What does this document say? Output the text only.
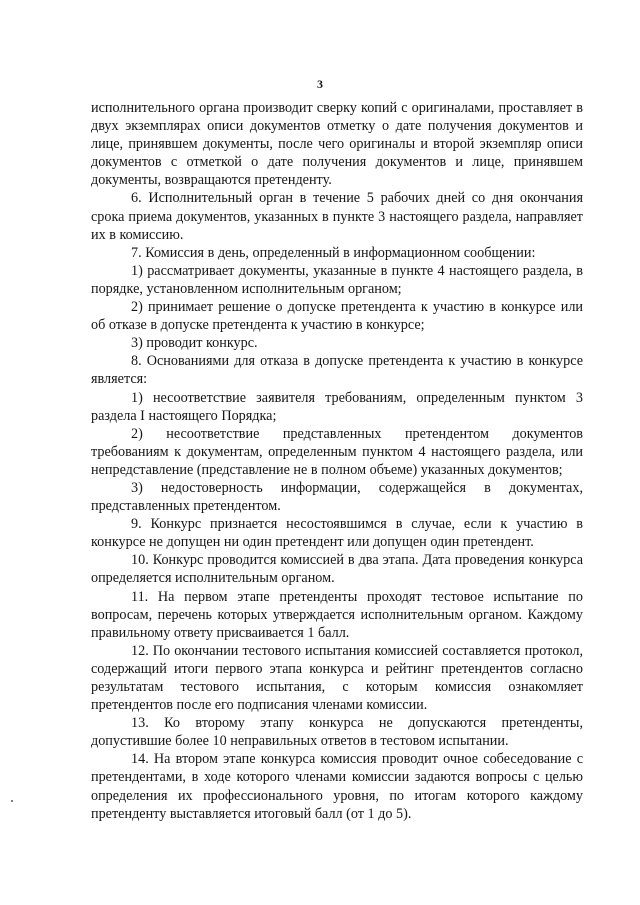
3

исполнительного органа производит сверку копий с оригиналами, проставляет в двух экземплярах описи документов отметку о дате получения документов и лице, принявшем документы, после чего оригиналы и второй экземпляр описи документов с отметкой о дате получения документов и лице, принявшем документы, возвращаются претенденту.

6. Исполнительный орган в течение 5 рабочих дней со дня окончания срока приема документов, указанных в пункте 3 настоящего раздела, направляет их в комиссию.

7. Комиссия в день, определенный в информационном сообщении:

1) рассматривает документы, указанные в пункте 4 настоящего раздела, в порядке, установленном исполнительным органом;

2) принимает решение о допуске претендента к участию в конкурсе или об отказе в допуске претендента к участию в конкурсе;

3) проводит конкурс.

8. Основаниями для отказа в допуске претендента к участию в конкурсе является:

1) несоответствие заявителя требованиям, определенным пунктом 3 раздела I настоящего Порядка;

2) несоответствие представленных претендентом документов требованиям к документам, определенным пунктом 4 настоящего раздела, или непредставление (представление не в полном объеме) указанных документов;

3) недостоверность информации, содержащейся в документах, представленных претендентом.

9. Конкурс признается несостоявшимся в случае, если к участию в конкурсе не допущен ни один претендент или допущен один претендент.

10. Конкурс проводится комиссией в два этапа. Дата проведения конкурса определяется исполнительным органом.

11. На первом этапе претенденты проходят тестовое испытание по вопросам, перечень которых утверждается исполнительным органом. Каждому правильному ответу присваивается 1 балл.

12. По окончании тестового испытания комиссией составляется протокол, содержащий итоги первого этапа конкурса и рейтинг претендентов согласно результатам тестового испытания, с которым комиссия ознакомляет претендентов после его подписания членами комиссии.

13. Ко второму этапу конкурса не допускаются претенденты, допустившие более 10 неправильных ответов в тестовом испытании.

14. На втором этапе конкурса комиссия проводит очное собеседование с претендентами, в ходе которого членами комиссии задаются вопросы с целью определения их профессионального уровня, по итогам которого каждому претенденту выставляется итоговый балл (от 1 до 5).
